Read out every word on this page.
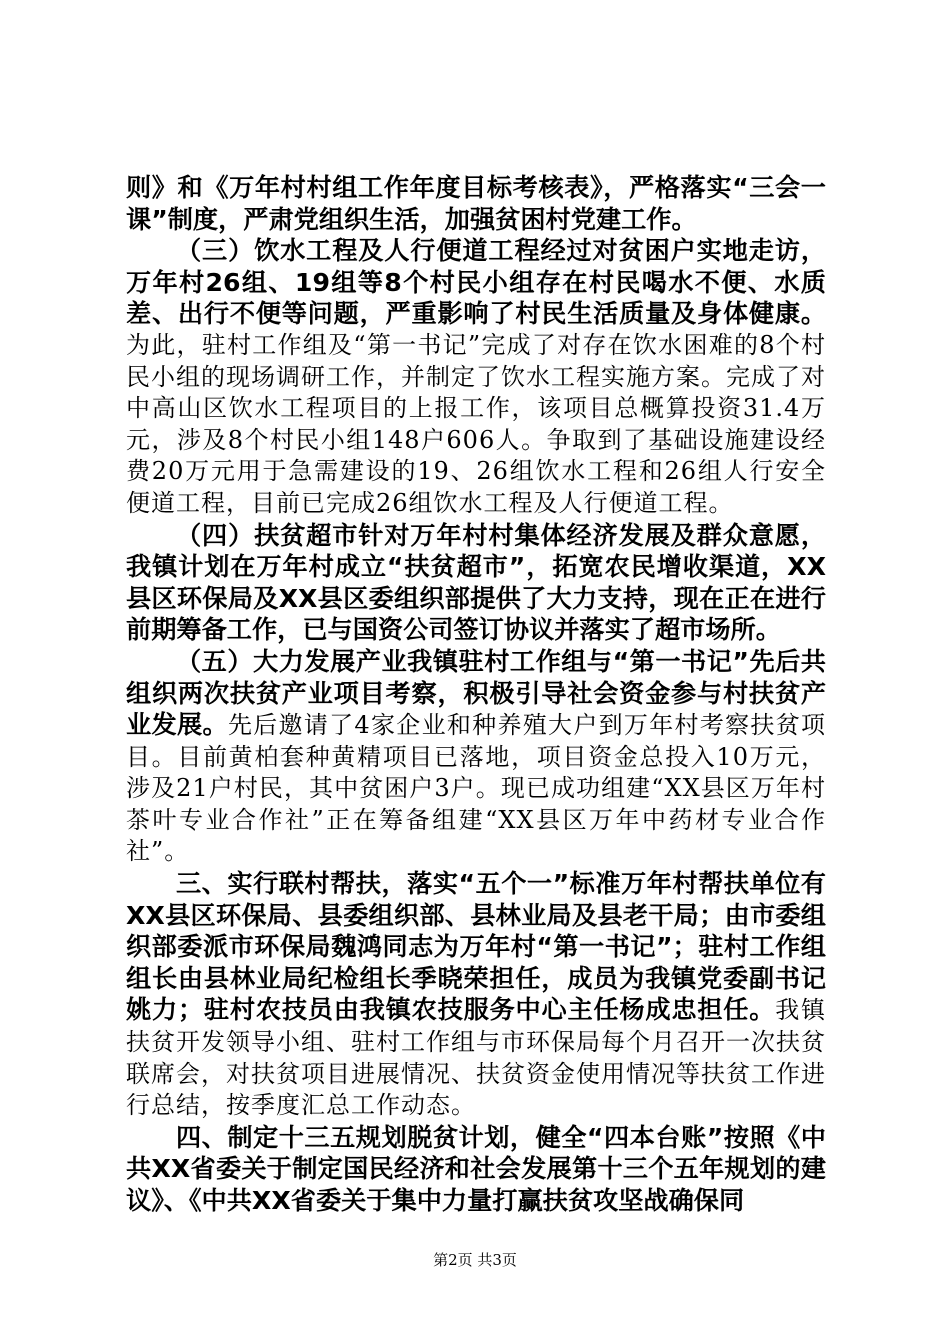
则》和《万年村村组工作年度目标考核表》，严格落实“三会一课”制度，严肃党组织生活，加强贫困村党建工作。

（三）饮水工程及人行便道工程经过对贫困户实地走访，万年村26组、19组等8个村民小组存在村民喝水不便、水质差、出行不便等问题，严重影响了村民生活质量及身体健康。为此，驻村工作组及“第一书记”完成了对存在饮水困难的8个村民小组的现场调研工作，并制定了饮水工程实施方案。完成了对中高山区饮水工程项目的上报工作，该项目总概算投资31.4万元，涉及8个村民小组148户606人。争取到了基础设施建设经费20万元用于急需建设的19、26组饮水工程和26组人行安全便道工程，目前已完成26组饮水工程及人行便道工程。

（四）扶贫超市针对万年村村集体经济发展及群众意愿，我镇计划在万年村成立“扶贫超市”，拓宽农民增收渠道，XX县区环保局及XX县区委组织部提供了大力支持，现在正在进行前期筹备工作，已与国资公司签订协议并落实了超市场所。

（五）大力发展产业我镇驻村工作组与“第一书记”先后共组织两次扶贫产业项目考察，积极引导社会资金参与村扶贫产业发展。先后邀请了4家企业和种养殖大户到万年村考察扶贫项目。目前黄柏套种黄精项目已落地，项目资金总投入10万元，涉及21户村民，其中贫困户3户。现已成功组建“XX县区万年村茶叶专业合作社”正在筹备组建“XX县区万年中药材专业合作社”。

三、实行联村帮扶，落实“五个一”标准万年村帮扶单位有XX县区环保局、县委组织部、县林业局及县老干局；由市委组织部委派市环保局魏鸿同志为万年村“第一书记”；驻村工作组组长由县林业局纪检组长季晓荣担任，成员为我镇党委副书记姚力；驻村农技员由我镇农技服务中心主任杨成忠担任。我镇扶贫开发领导小组、驻村工作组与市环保局每个月召开一次扶贫联席会，对扶贫项目进展情况、扶贫资金使用情况等扶贫工作进行总结，按季度汇总工作动态。

四、制定十三五规划脱贫计划，健全“四本台账”按照《中共XX省委关于制定国民经济和社会发展第十三个五年规划的建议》、《中共XX省委关于集中力量打赢扶贫攻坚战确保同

第2页 共3页
